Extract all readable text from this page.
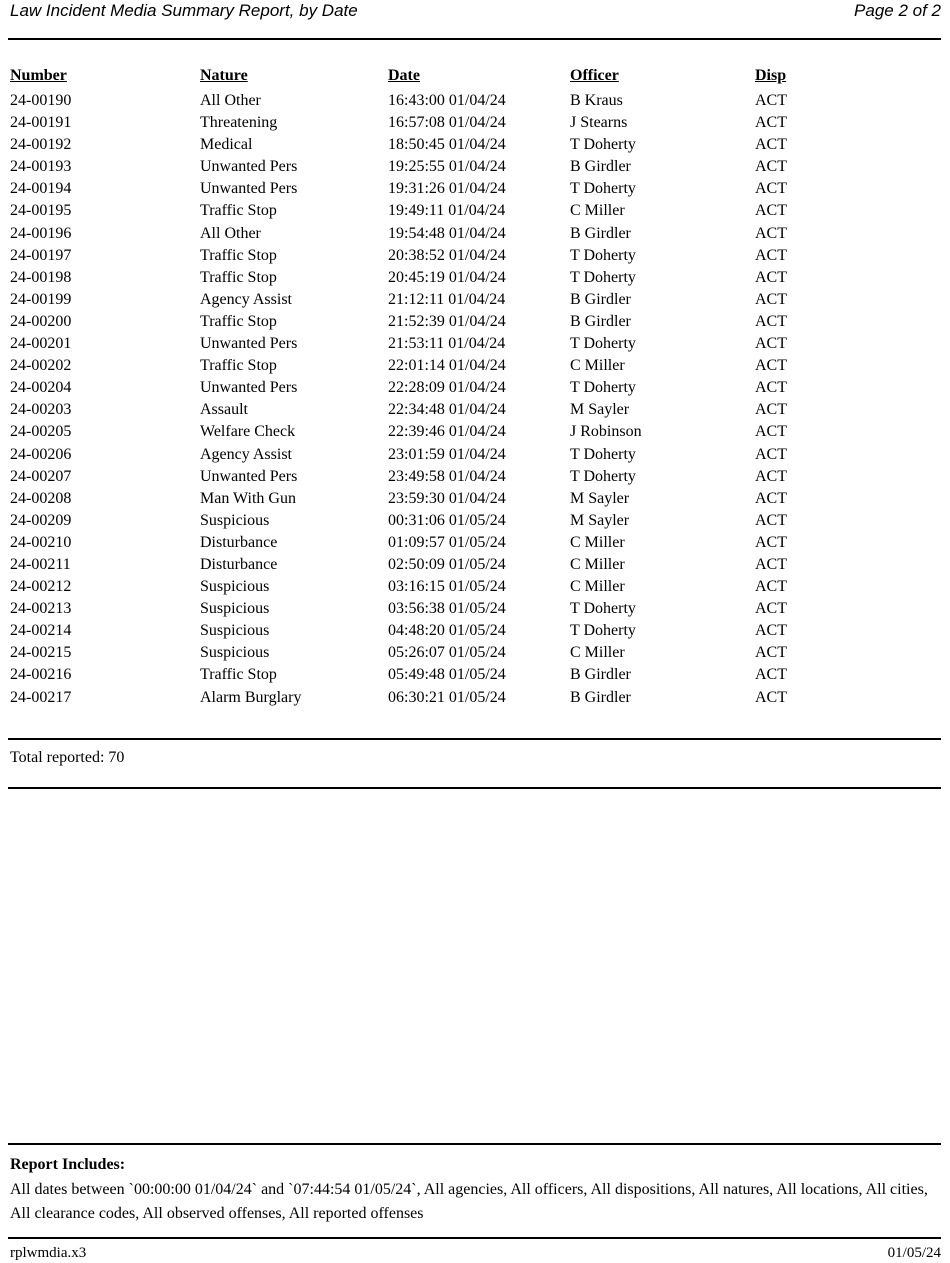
Law Incident Media Summary Report, by Date	Page 2 of 2
Number	Nature	Date	Officer	Disp
24-00190	All Other	16:43:00 01/04/24	B Kraus	ACT
24-00191	Threatening	16:57:08 01/04/24	J Stearns	ACT
24-00192	Medical	18:50:45 01/04/24	T Doherty	ACT
24-00193	Unwanted Pers	19:25:55 01/04/24	B Girdler	ACT
24-00194	Unwanted Pers	19:31:26 01/04/24	T Doherty	ACT
24-00195	Traffic Stop	19:49:11 01/04/24	C Miller	ACT
24-00196	All Other	19:54:48 01/04/24	B Girdler	ACT
24-00197	Traffic Stop	20:38:52 01/04/24	T Doherty	ACT
24-00198	Traffic Stop	20:45:19 01/04/24	T Doherty	ACT
24-00199	Agency Assist	21:12:11 01/04/24	B Girdler	ACT
24-00200	Traffic Stop	21:52:39 01/04/24	B Girdler	ACT
24-00201	Unwanted Pers	21:53:11 01/04/24	T Doherty	ACT
24-00202	Traffic Stop	22:01:14 01/04/24	C Miller	ACT
24-00204	Unwanted Pers	22:28:09 01/04/24	T Doherty	ACT
24-00203	Assault	22:34:48 01/04/24	M Sayler	ACT
24-00205	Welfare Check	22:39:46 01/04/24	J Robinson	ACT
24-00206	Agency Assist	23:01:59 01/04/24	T Doherty	ACT
24-00207	Unwanted Pers	23:49:58 01/04/24	T Doherty	ACT
24-00208	Man With Gun	23:59:30 01/04/24	M Sayler	ACT
24-00209	Suspicious	00:31:06 01/05/24	M Sayler	ACT
24-00210	Disturbance	01:09:57 01/05/24	C Miller	ACT
24-00211	Disturbance	02:50:09 01/05/24	C Miller	ACT
24-00212	Suspicious	03:16:15 01/05/24	C Miller	ACT
24-00213	Suspicious	03:56:38 01/05/24	T Doherty	ACT
24-00214	Suspicious	04:48:20 01/05/24	T Doherty	ACT
24-00215	Suspicious	05:26:07 01/05/24	C Miller	ACT
24-00216	Traffic Stop	05:49:48 01/05/24	B Girdler	ACT
24-00217	Alarm Burglary	06:30:21 01/05/24	B Girdler	ACT
Total reported: 70
Report Includes:
All dates between `00:00:00 01/04/24` and `07:44:54 01/05/24`, All agencies, All officers, All dispositions, All natures, All locations, All cities, All clearance codes, All observed offenses, All reported offenses
rplwmdia.x3	01/05/24
